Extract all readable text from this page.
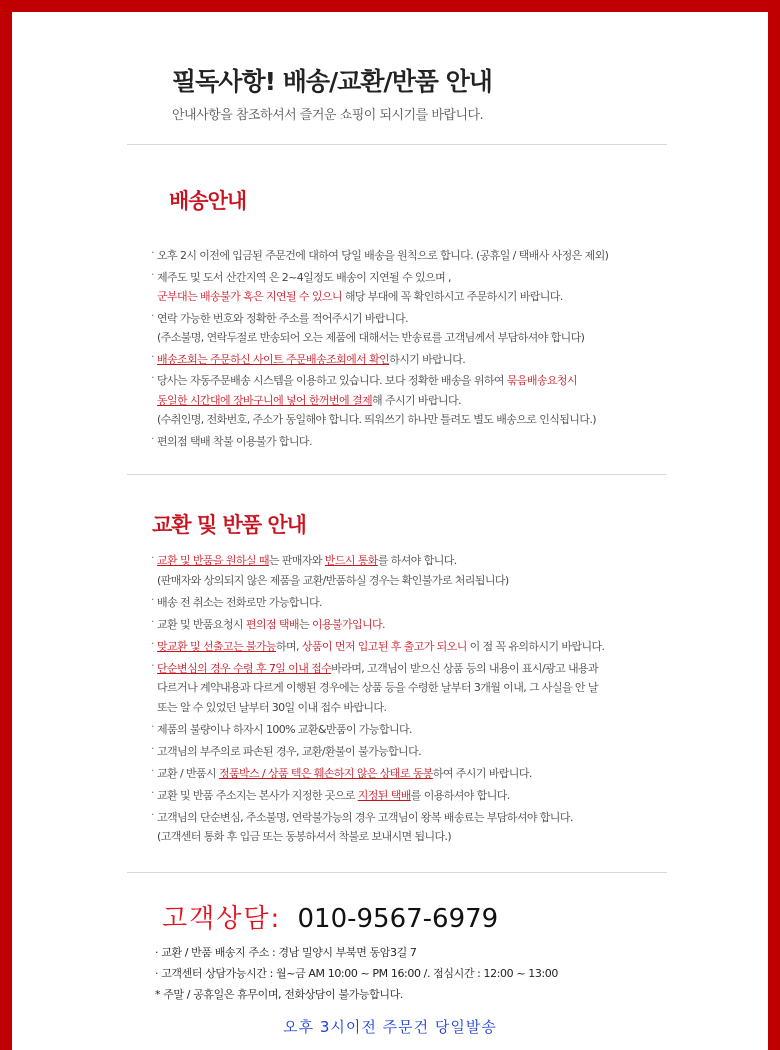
필독사항! 배송/교환/반품 안내
안내사항을 참조하셔서 즐거운 쇼핑이 되시기를 바랍니다.
배송안내
· 오후 2시 이전에 입금된 주문건에 대하여 당일 배송을 원칙으로 합니다. (공휴일 / 택배사 사정은 제외)
· 제주도 및 도서 산간지역 은 2~4일정도 배송이 지연될 수 있으며 ,
군부대는 배송불가 혹은 지연될 수 있으니 해당 부대에 꼭 확인하시고 주문하시기 바랍니다.
· 연락 가능한 번호와 정확한 주소를 적어주시기 바랍니다.
(주소불명, 연락두절로 반송되어 오는 제품에 대해서는 반송료를 고객님께서 부담하셔야 합니다)
· 배송조회는 주문하신 사이트 주문배송조회에서 확인하시기 바랍니다.
· 당사는 자동주문배송 시스템을 이용하고 있습니다. 보다 정확한 배송을 위하여 묶음배송요청시
동일한 시간대에 장바구니에 넣어 한꺼번에 결제해 주시기 바랍니다.
(수취인명, 전화번호, 주소가 동일해야 합니다. 띄워쓰기 하나만 틀려도 별도 배송으로 인식됩니다.)
· 편의점 택배 착불 이용불가 합니다.
교환 및 반품 안내
· 교환 및 반품을 원하실 때는 판매자와 반드시 통화를 하셔야 합니다.
(판매자와 상의되지 않은 제품을 교환/반품하실 경우는 확인불가로 처리됩니다)
· 배송 전 취소는 전화로만 가능합니다.
· 교환 및 반품요청시 편의점 택배는 이용불가입니다.
· 맞교환 및 선출고는 불가능하며, 상품이 먼저 입고된 후 출고가 되오니 이 점 꼭 유의하시기 바랍니다.
· 단순변심의 경우 수령 후 7일 이내 접수바라며, 고객님이 받으신 상품 등의 내용이 표시/광고 내용과
다르거나 계약내용과 다르게 이행된 경우에는 상품 등을 수령한 날부터 3개월 이내, 그 사실을 안 날
또는 알 수 있었던 날부터 30일 이내 접수 바랍니다.
· 제품의 불량이나 하자시 100% 교환&반품이 가능합니다.
· 고객님의 부주의로 파손된 경우, 교환/환불이 불가능합니다.
· 교환 / 반품시 정품박스 / 상품 텍은 훼손하지 않은 상태로 동봉하여 주시기 바랍니다.
· 교환 및 반품 주소지는 본사가 지정한 곳으로 지정된 택배를 이용하셔야 합니다.
· 고객님의 단순변심, 주소불명, 연락불가능의 경우 고객님이 왕복 배송료는 부담하셔야 합니다.
(고객센터 통화 후 입금 또는 동봉하셔서 착불로 보내시면 됩니다.)
고객상담: 010-9567-6979
· 교환 / 반품 배송지 주소 : 경남 밀양시 부북면 동암3길 7
· 고객센터 상담가능시간 : 월~금 AM 10:00 ~ PM 16:00 /. 점심시간 : 12:00 ~ 13:00
* 주말 / 공휴일은 휴무이며, 전화상담이 불가능합니다.
오후 3시이전 주문건 당일발송
